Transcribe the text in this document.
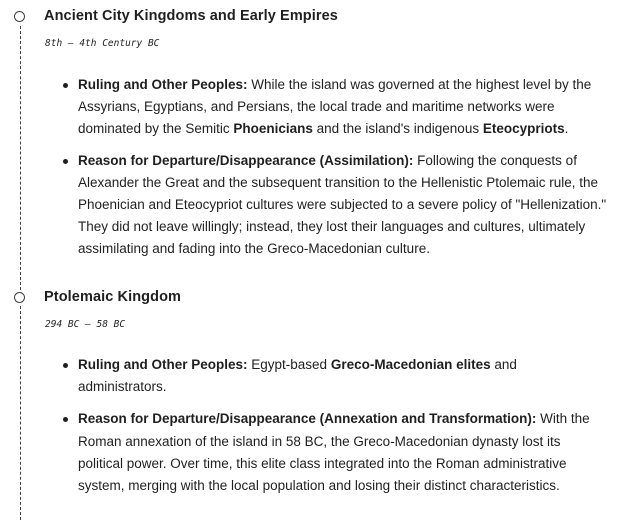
Ancient City Kingdoms and Early Empires
8th – 4th Century BC
Ruling and Other Peoples: While the island was governed at the highest level by the Assyrians, Egyptians, and Persians, the local trade and maritime networks were dominated by the Semitic Phoenicians and the island's indigenous Eteocypriots.
Reason for Departure/Disappearance (Assimilation): Following the conquests of Alexander the Great and the subsequent transition to the Hellenistic Ptolemaic rule, the Phoenician and Eteocypriot cultures were subjected to a severe policy of "Hellenization." They did not leave willingly; instead, they lost their languages and cultures, ultimately assimilating and fading into the Greco-Macedonian culture.
Ptolemaic Kingdom
294 BC – 58 BC
Ruling and Other Peoples: Egypt-based Greco-Macedonian elites and administrators.
Reason for Departure/Disappearance (Annexation and Transformation): With the Roman annexation of the island in 58 BC, the Greco-Macedonian dynasty lost its political power. Over time, this elite class integrated into the Roman administrative system, merging with the local population and losing their distinct characteristics.
